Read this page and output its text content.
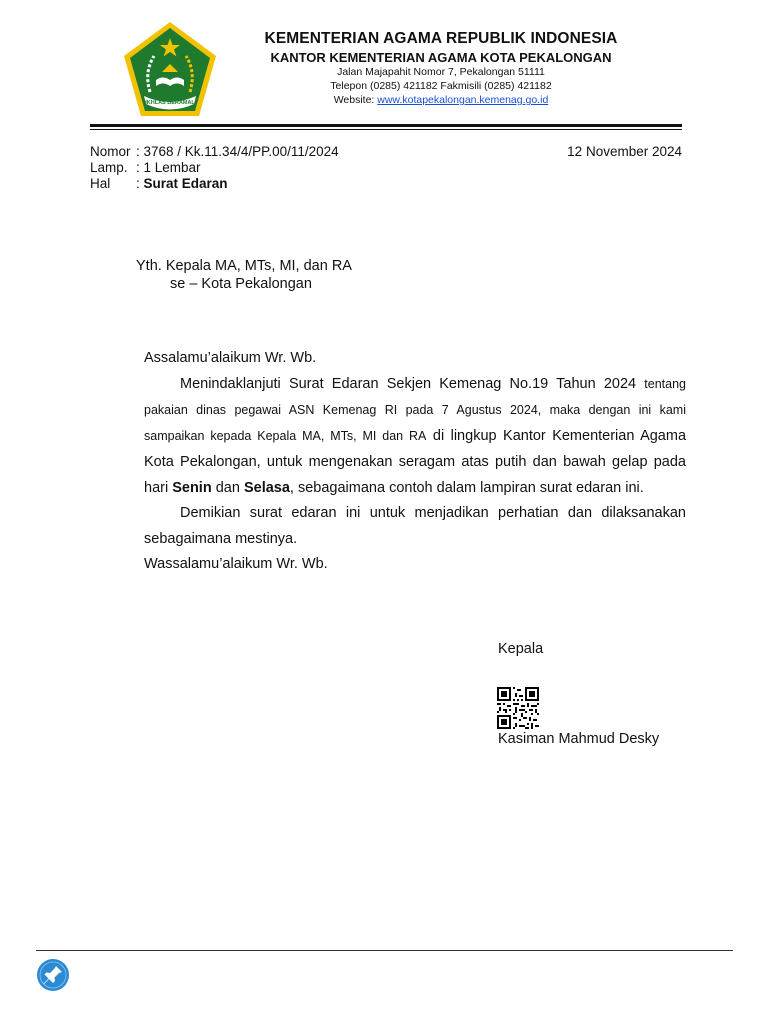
IKHLAS BERAMAL
KEMENTERIAN AGAMA REPUBLIK INDONESIA
KANTOR KEMENTERIAN AGAMA KOTA PEKALONGAN
Jalan Majapahit Nomor 7, Pekalongan 51111
Telepon (0285) 421182 Fakmisili (0285) 421182
Website: www.kotapekalongan.kemenag.go.id
Nomor : 3768 / Kk.11.34/4/PP.00/11/2024
Lamp. : 1 Lembar
Hal : Surat Edaran
12 November 2024
Yth. Kepala MA, MTs, MI, dan RA
se – Kota Pekalongan
Assalamu’alaikum Wr. Wb.
Menindaklanjuti Surat Edaran Sekjen Kemenag No.19 Tahun 2024 tentang
pakaian dinas pegawai ASN Kemenag RI pada 7 Agustus 2024, maka dengan ini kami
sampaikan kepada Kepala MA, MTs, MI dan RA di lingkup Kantor Kementerian Agama
Kota Pekalongan, untuk mengenakan seragam atas putih dan bawah gelap pada
hari Senin dan Selasa, sebagaimana contoh dalam lampiran surat edaran ini.
Demikian surat edaran ini untuk menjadikan perhatian dan dilaksanakan
sebagaimana mestinya.
Wassalamu’alaikum Wr. Wb.
Kepala
Kasiman Mahmud Desky
